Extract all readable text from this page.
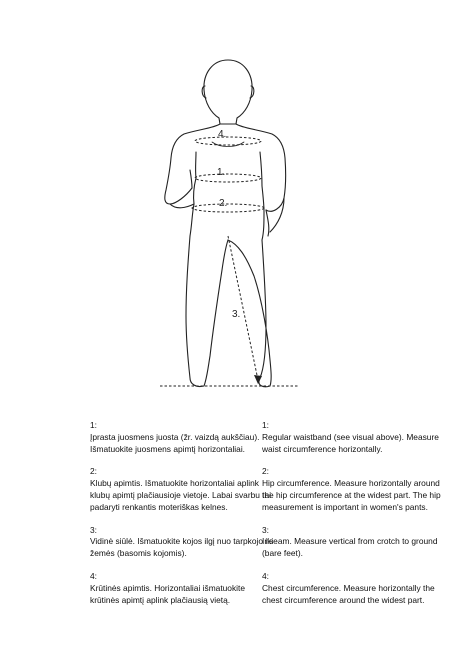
4.
1.
2.
3.
1:
Įprasta juosmens juosta (žr. vaizdą aukščiau). Išmatuokite juosmens apimtį horizontaliai.
2:
Klubų apimtis. Išmatuokite horizontaliai aplink klubų apimtį plačiausioje vietoje. Labai svarbu tai padaryti renkantis moteriškas kelnes.
3:
Vidinė siūlė. Išmatuokite kojos ilgį nuo tarpkojo iki žemės (basomis kojomis).
4:
Krūtinės apimtis. Horizontaliai išmatuokite krūtinės apimtį aplink plačiausią vietą.
1:
Regular waistband (see visual above). Measure waist circumference horizontally.
2:
Hip circumference. Measure horizontally around the hip circumference at the widest part. The hip measurement is important in women's pants.
3:
Inseam. Measure vertical from crotch to ground (bare feet).
4:
Chest circumference. Measure horizontally the chest circumference around the widest part.
